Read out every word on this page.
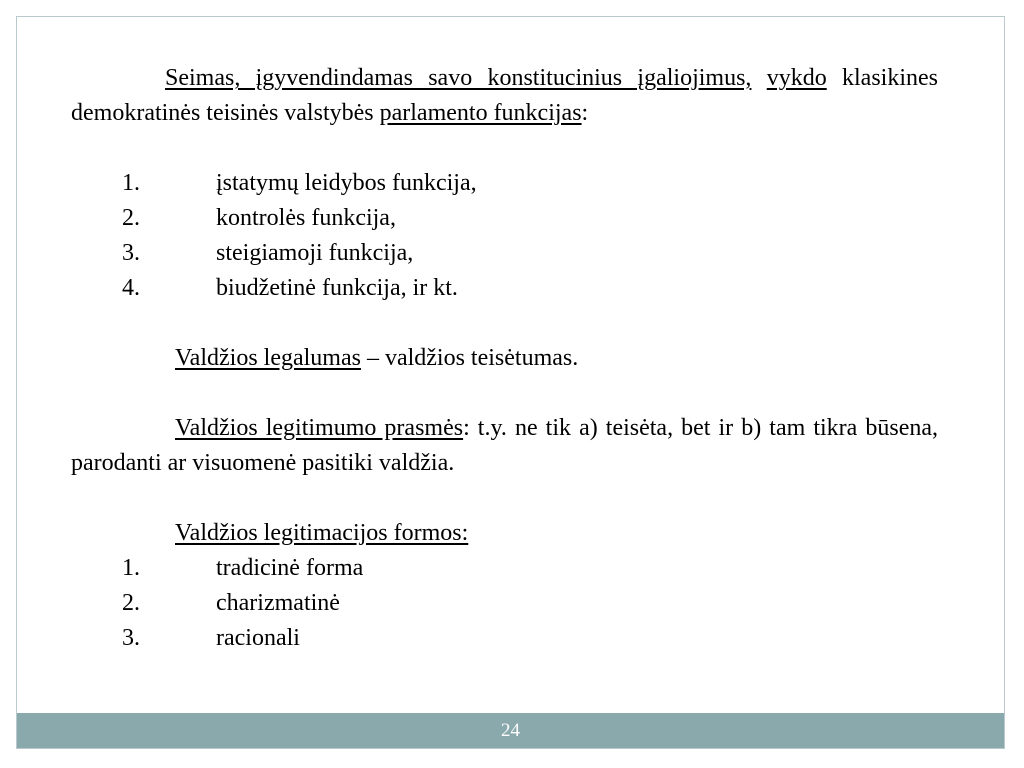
Seimas, įgyvendindamas savo konstitucinius įgaliojimus, vykdo klasikines demokratinės teisinės valstybės parlamento funkcijas:

1.	įstatymų leidybos funkcija,
2.	kontrolės funkcija,
3.	steigiamoji funkcija,
4.	biudžetinė funkcija, ir kt.

Valdžios legalumas – valdžios teisėtumas.

Valdžios legitimumo prasmės: t.y. ne tik a) teisėta, bet ir b) tam tikra būsena, parodanti ar visuomenė pasitiki valdžia.

Valdžios legitimacijos formos:

1.	tradicinė forma
2.	charizmatinė
3.	racionali
24
